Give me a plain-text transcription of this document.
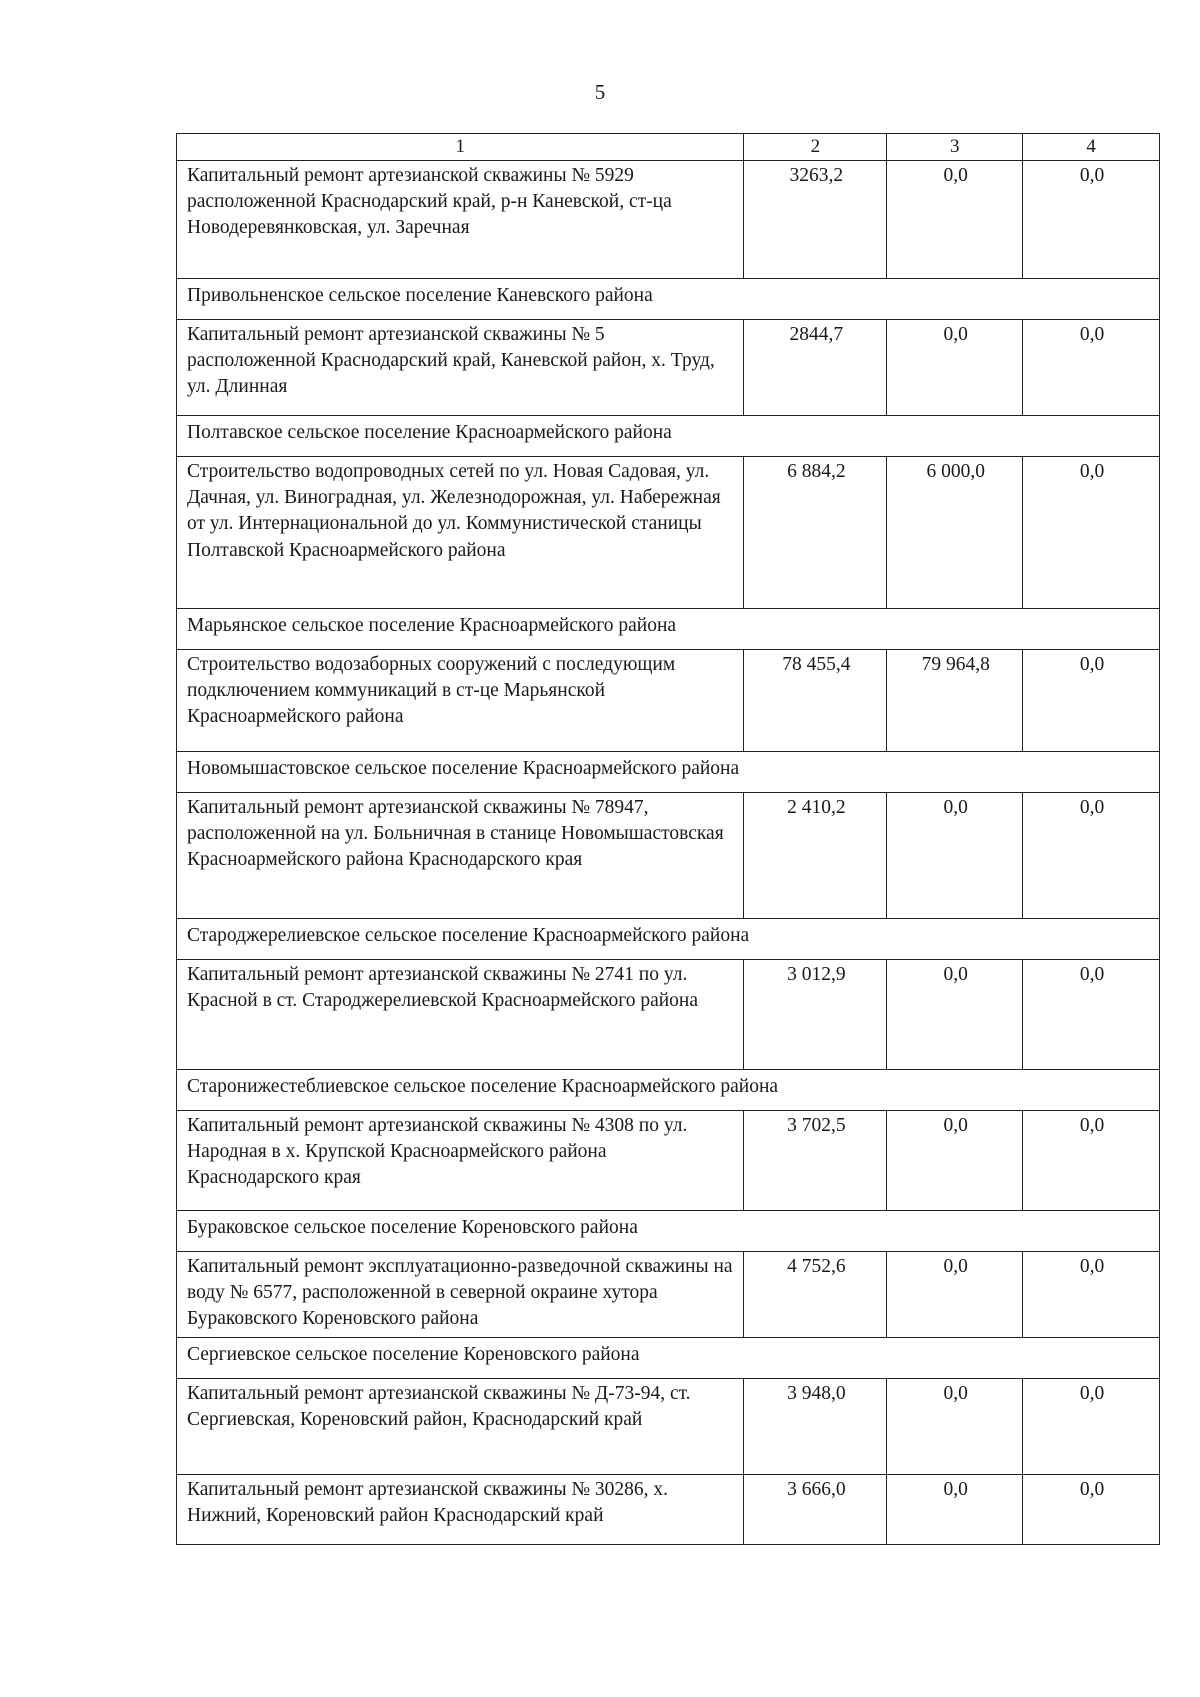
5
1	2	3	4
Капитальный ремонт артезианской скважины № 5929 расположенной Краснодарский край, р-н Каневской, ст-ца Новодеревянковская, ул. Заречная	3263,2	0,0	0,0
Привольненское сельское поселение Каневского района			
Капитальный ремонт артезианской скважины № 5 расположенной Краснодарский край, Каневской район, х. Труд, ул. Длинная	2844,7	0,0	0,0
Полтавское сельское поселение Красноармейского района			
Строительство водопроводных сетей по ул. Новая Садовая, ул. Дачная, ул. Виноградная, ул. Железнодорожная, ул. Набережная от ул. Интернациональной до ул. Коммунистической станицы Полтавской Красноармейского района	6 884,2	6 000,0	0,0
Марьянское сельское поселение Красноармейского района			
Строительство водозаборных сооружений с последующим подключением коммуникаций в ст-це Марьянской Красноармейского района	78 455,4	79 964,8	0,0
Новомышастовское сельское поселение Красноармейского района			
Капитальный ремонт артезианской скважины № 78947, расположенной на ул. Больничная в станице Новомышастовская Красноармейского района Краснодарского края	2 410,2	0,0	0,0
Староджерелиевское сельское поселение Красноармейского района			
Капитальный ремонт артезианской скважины № 2741 по ул. Красной в ст. Староджерелиевской Красноармейского района	3 012,9	0,0	0,0
Старонижестеблиевское сельское поселение Красноармейского района			
Капитальный ремонт артезианской скважины № 4308 по ул. Народная в х. Крупской Красноармейского района Краснодарского края	3 702,5	0,0	0,0
Бураковское сельское поселение Кореновского района			
Капитальный ремонт эксплуатационно-разведочной скважины на воду № 6577, расположенной в северной окраине хутора Бураковского Кореновского района	4 752,6	0,0	0,0
Сергиевское сельское поселение Кореновского района			
Капитальный ремонт артезианской скважины № Д-73-94, ст. Сергиевская, Кореновский район, Краснодарский край	3 948,0	0,0	0,0
Капитальный ремонт артезианской скважины № 30286, х. Нижний, Кореновский район Краснодарский край	3 666,0	0,0	0,0
